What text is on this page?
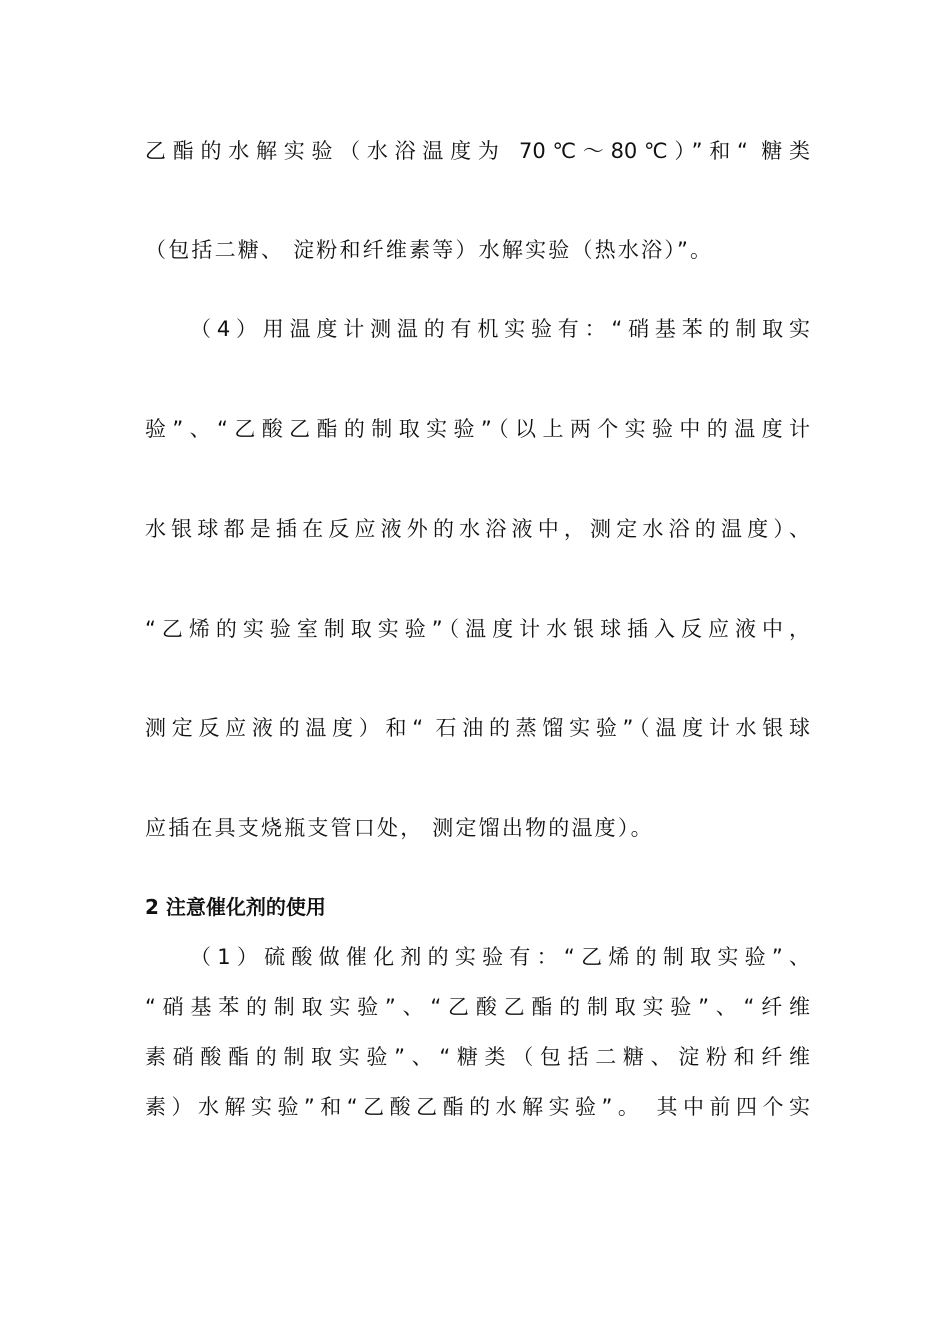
乙酯的水解实验（水浴温度为 70℃～80℃）”和“ 糖类
（包括二糖、 淀粉和纤维素等）水解实验（热水浴）”。
（4）用温度计测温的有机实验有：“硝基苯的制取实
验”、“乙酸乙酯的制取实验”（以上两个实验中的温度计
水银球都是插在反应液外的水浴液中，测定水浴的温度）、
“乙烯的实验室制取实验”（温度计水银球插入反应液中，
测定反应液的温度）和“ 石油的蒸馏实验”（温度计水银球
应插在具支烧瓶支管口处， 测定馏出物的温度）。
2 注意催化剂的使用
（1）硫酸做催化剂的实验有：“乙烯的制取实验”、
“硝基苯的制取实验”、“乙酸乙酯的制取实验”、“纤维
素硝酸酯的制取实验”、“糖类（包括二糖、淀粉和纤维
素）水解实验”和“乙酸乙酯的水解实验”。 其中前四个实
